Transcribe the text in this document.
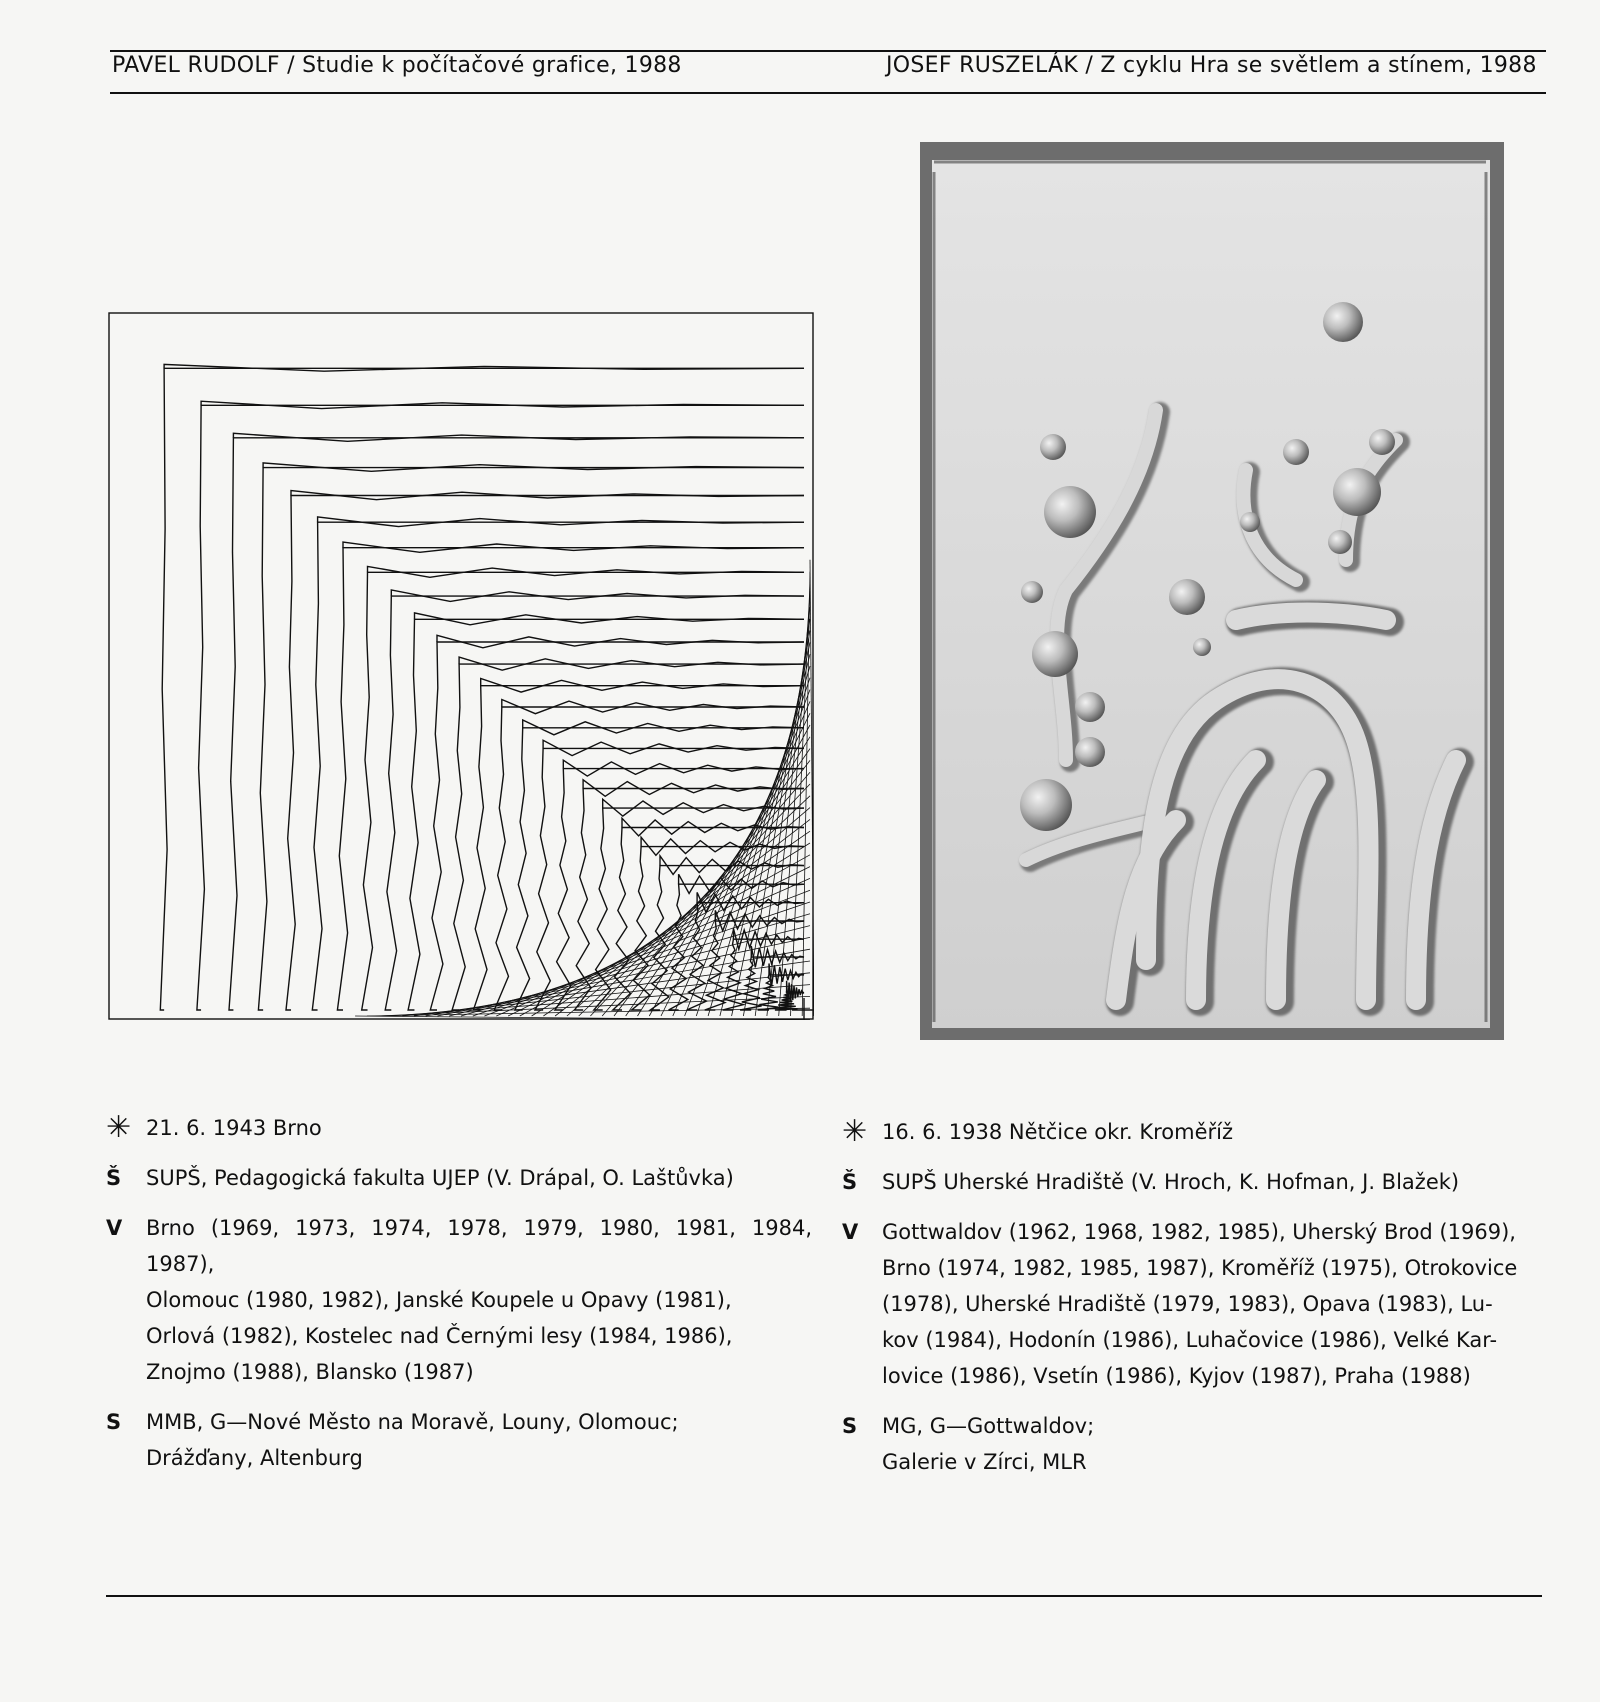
PAVEL RUDOLF / Studie k počítačové grafice, 1988	JOSEF RUSZELÁK / Z cyklu Hra se světlem a stínem, 1988
✳ 21. 6. 1943 Brno
Š	SUPŠ, Pedagogická fakulta UJEP (V. Drápal, O. Laštůvka)
V	Brno (1969, 1973, 1974, 1978, 1979, 1980, 1981, 1984, 1987),
Olomouc (1980, 1982), Janské Koupele u Opavy (1981),
Orlová (1982), Kostelec nad Černými lesy (1984, 1986),
Znojmo (1988), Blansko (1987)
S	MMB, G—Nové Město na Moravě, Louny, Olomouc;
Drážďany, Altenburg
✳ 16. 6. 1938 Nětčice okr. Kroměříž
Š	SUPŠ Uherské Hradiště (V. Hroch, K. Hofman, J. Blažek)
V	Gottwaldov (1962, 1968, 1982, 1985), Uherský Brod (1969),
Brno (1974, 1982, 1985, 1987), Kroměříž (1975), Otrokovice
(1978), Uherské Hradiště (1979, 1983), Opava (1983), Lu-
kov (1984), Hodonín (1986), Luhačovice (1986), Velké Kar-
lovice (1986), Vsetín (1986), Kyjov (1987), Praha (1988)
S	MG, G—Gottwaldov;
Galerie v Zírci, MLR
